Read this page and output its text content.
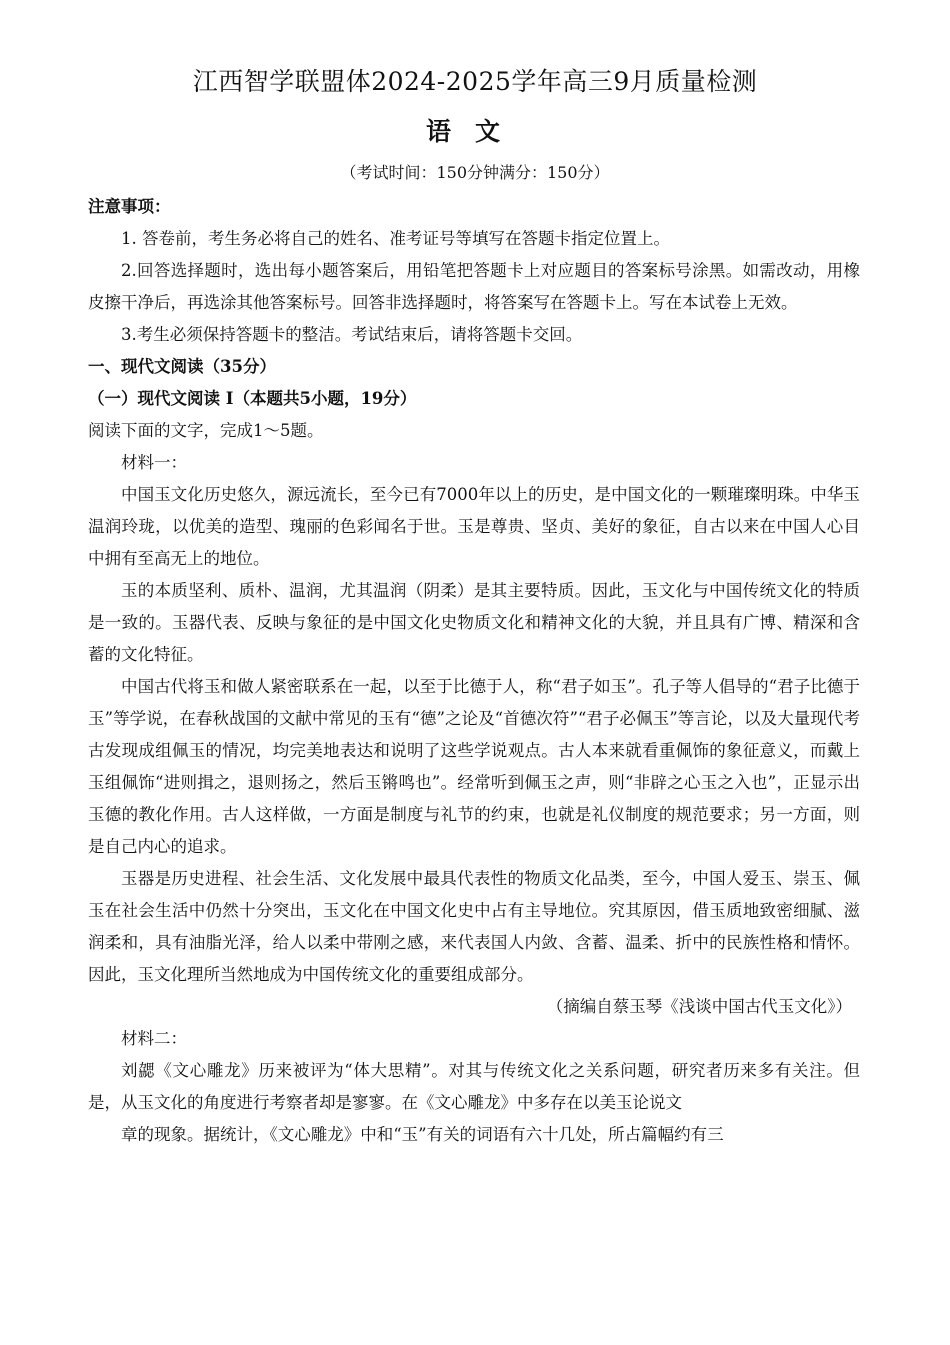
江西智学联盟体2024-2025学年高三9月质量检测
语文
（考试时间：150分钟满分：150分）

注意事项：

1. 答卷前，考生务必将自己的姓名、准考证号等填写在答题卡指定位置上。

2.回答选择题时，选出每小题答案后，用铅笔把答题卡上对应题目的答案标号涂黑。如需改动，用橡皮擦干净后，再选涂其他答案标号。回答非选择题时，将答案写在答题卡上。写在本试卷上无效。

3.考生必须保持答题卡的整洁。考试结束后，请将答题卡交回。

一、现代文阅读（35分）

（一）现代文阅读 I（本题共5小题，19分）

阅读下面的文字，完成1～5题。

材料一：

中国玉文化历史悠久，源远流长，至今已有7000年以上的历史，是中国文化的一颗璀璨明珠。中华玉温润玲珑，以优美的造型、瑰丽的色彩闻名于世。玉是尊贵、坚贞、美好的象征，自古以来在中国人心目中拥有至高无上的地位。

玉的本质坚利、质朴、温润，尤其温润（阴柔）是其主要特质。因此，玉文化与中国传统文化的特质是一致的。玉器代表、反映与象征的是中国文化史物质文化和精神文化的大貌，并且具有广博、精深和含蓄的文化特征。

中国古代将玉和做人紧密联系在一起，以至于比德于人，称“君子如玉”。孔子等人倡导的“君子比德于玉”等学说，在春秋战国的文献中常见的玉有“德”之论及“首德次符”“君子必佩玉”等言论，以及大量现代考古发现成组佩玉的情况，均完美地表达和说明了这些学说观点。古人本来就看重佩饰的象征意义，而戴上玉组佩饰“进则揖之，退则扬之，然后玉锵鸣也”。经常听到佩玉之声，则“非辟之心玉之入也”，正显示出玉德的教化作用。古人这样做，一方面是制度与礼节的约束，也就是礼仪制度的规范要求；另一方面，则是自己内心的追求。

玉器是历史进程、社会生活、文化发展中最具代表性的物质文化品类，至今，中国人爱玉、崇玉、佩玉在社会生活中仍然十分突出，玉文化在中国文化史中占有主导地位。究其原因，借玉质地致密细腻、滋润柔和，具有油脂光泽，给人以柔中带刚之感，来代表国人内敛、含蓄、温柔、折中的民族性格和情怀。因此，玉文化理所当然地成为中国传统文化的重要组成部分。

（摘编自蔡玉琴《浅谈中国古代玉文化》）

材料二：

刘勰《文心雕龙》历来被评为“体大思精”。对其与传统文化之关系问题，研究者历来多有关注。但是，从玉文化的角度进行考察者却是寥寥。在《文心雕龙》中多存在以美玉论说文

章的现象。据统计，《文心雕龙》中和“玉”有关的词语有六十几处，所占篇幅约有三
